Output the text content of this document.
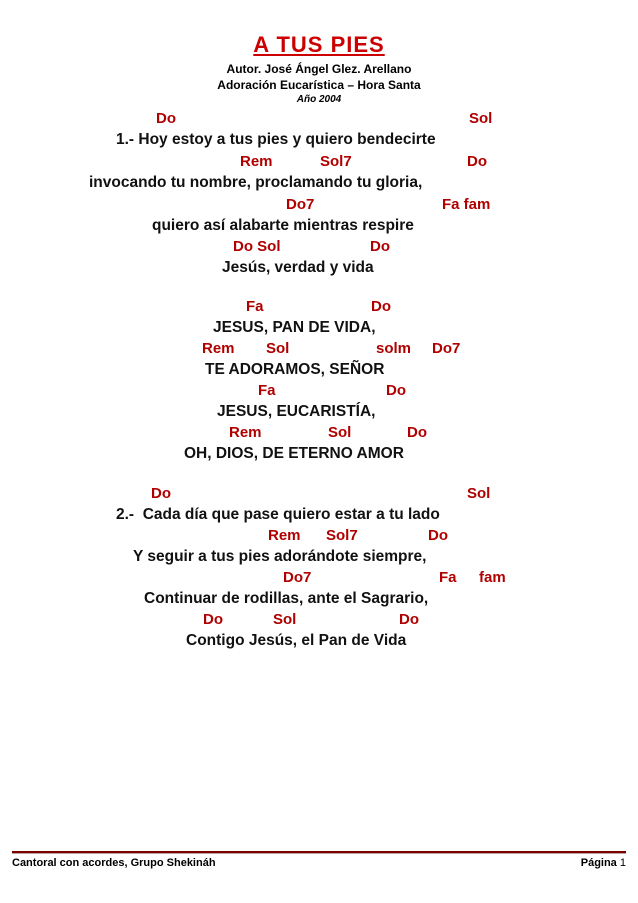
A TUS PIES
Autor. José Ángel Glez. Arellano
Adoración Eucarística – Hora Santa
Año 2004
Do	Sol
1.- Hoy estoy a tus pies y quiero bendecirte
Rem	Sol7	Do
invocando tu nombre, proclamando tu gloria,
Do7	Fa fam
quiero así alabarte mientras respire
Do Sol	Do
Jesús, verdad y vida
Fa	Do
JESUS, PAN DE VIDA,
Rem Sol	solm Do7
TE ADORAMOS, SEÑOR
Fa	Do
JESUS, EUCARISTÍA,
Rem	Sol	Do
OH, DIOS, DE ETERNO AMOR
Do	Sol
2.-  Cada día que pase quiero estar a tu lado
Rem Sol7	Do
Y seguir a tus pies adorándote siempre,
Do7	Fa fam
Continuar de rodillas, ante el Sagrario,
Do	Sol	Do
Contigo Jesús, el Pan de Vida
Cantoral con acordes, Grupo Shekináh	Página 1
